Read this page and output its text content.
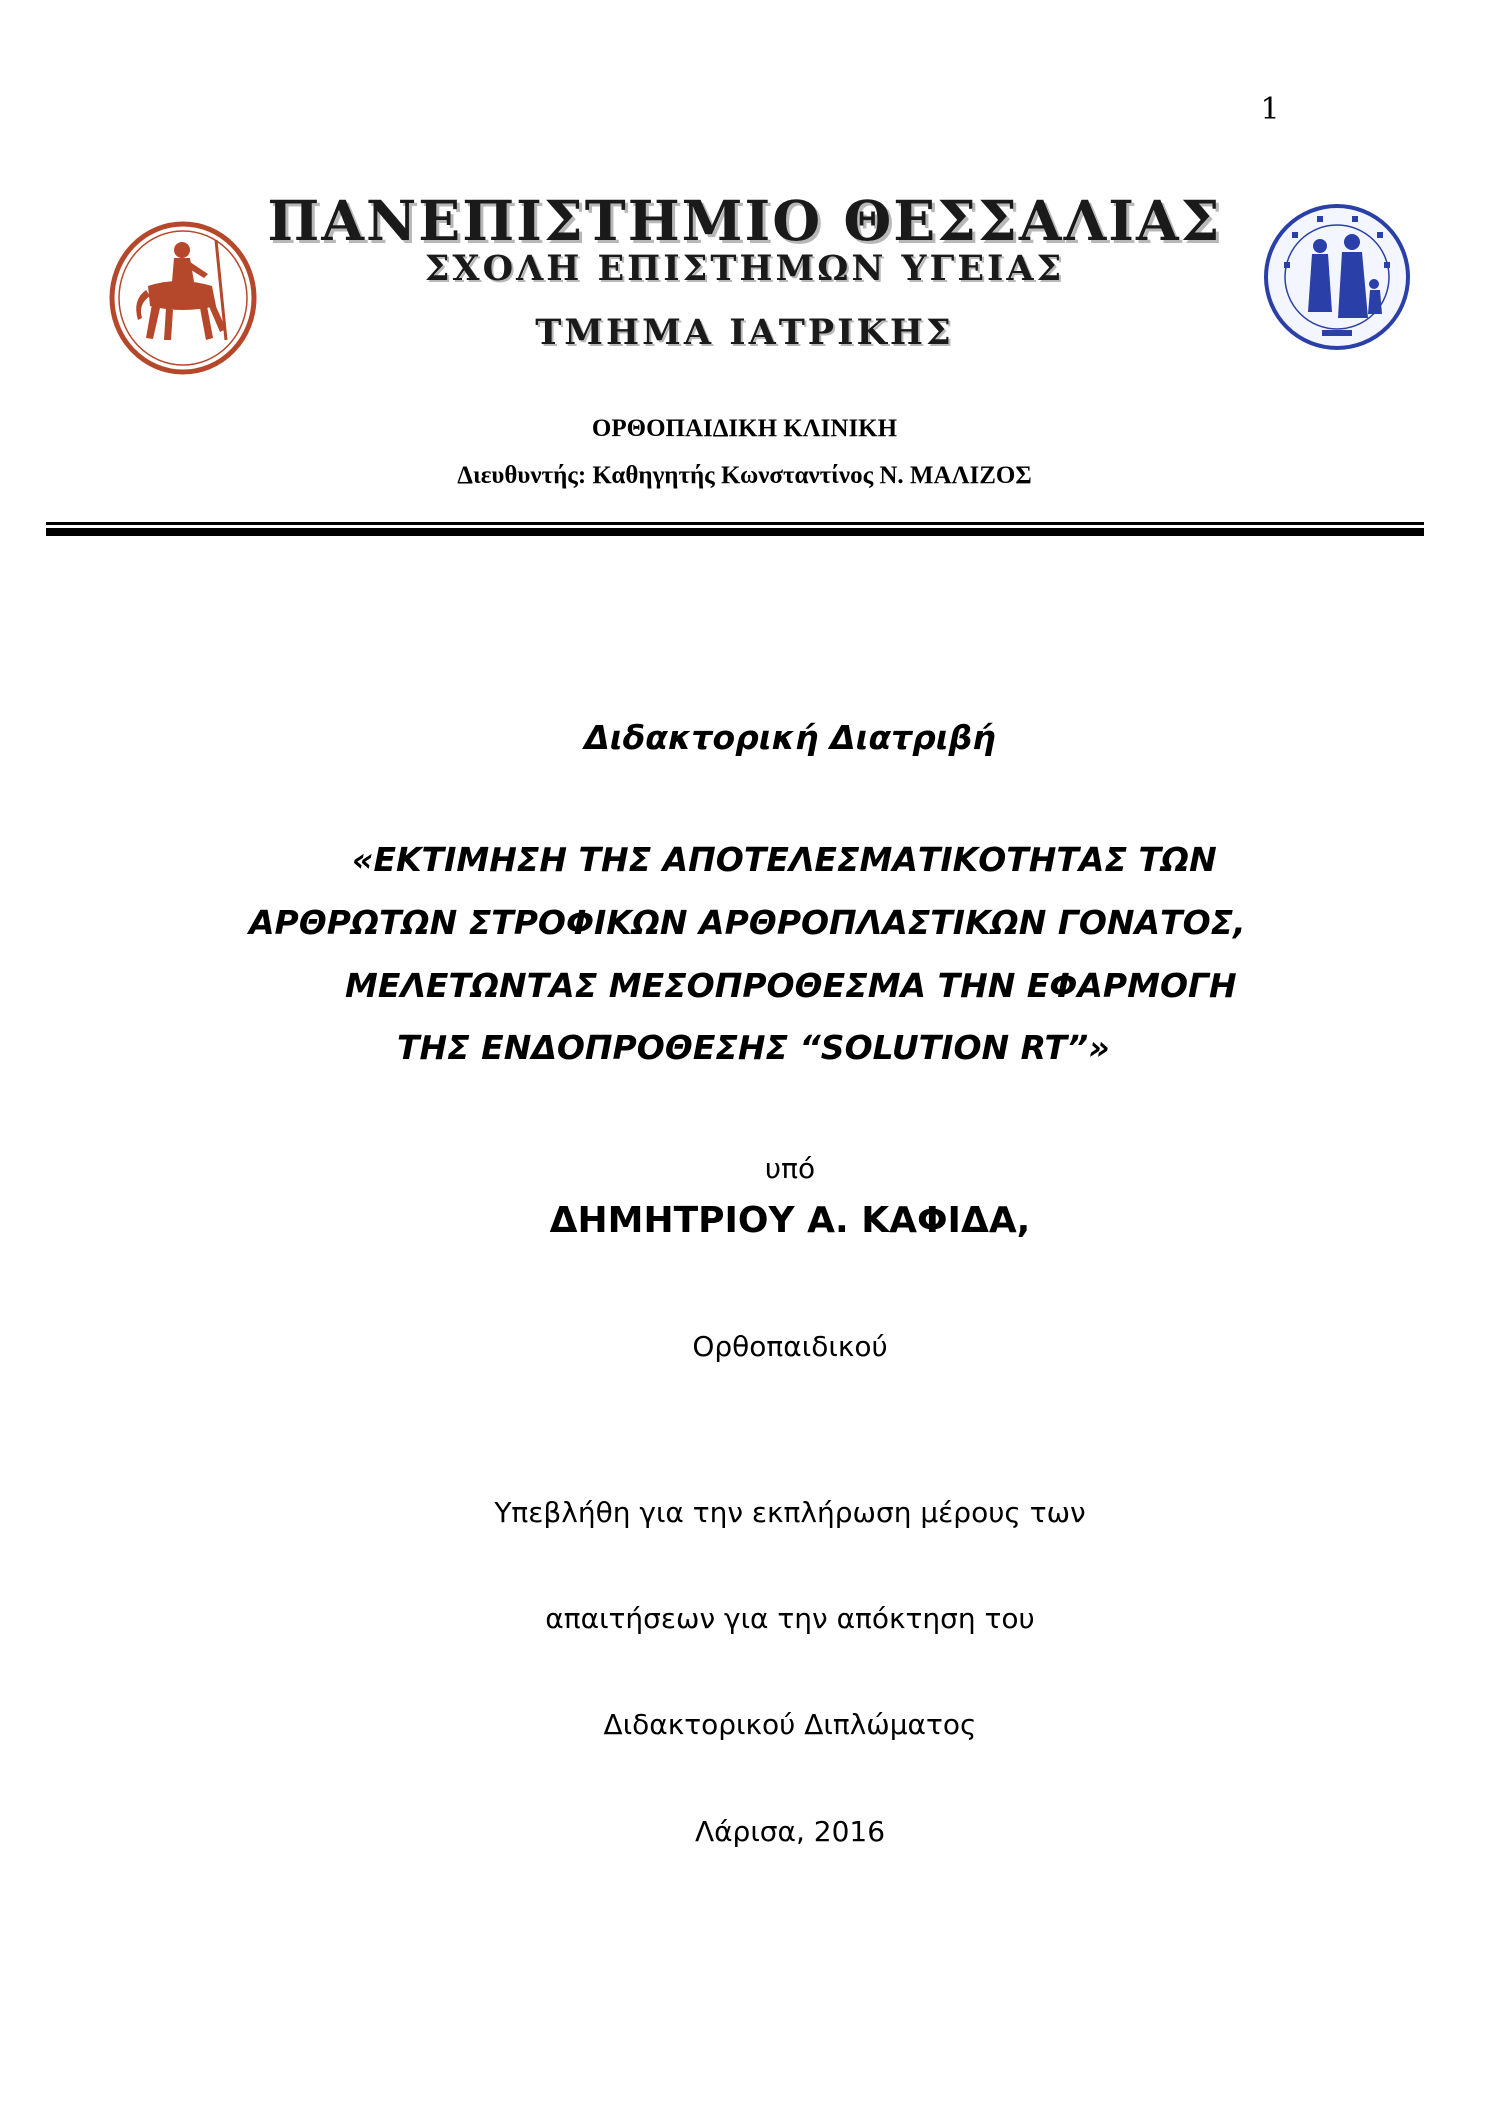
1
ΠΑΝΕΠΙΣΤΗΜΙΟ ΘΕΣΣΑΛΙΑΣ
ΣΧΟΛΗ ΕΠΙΣΤΗΜΩΝ ΥΓΕΙΑΣ
ΤΜΗΜΑ ΙΑΤΡΙΚΗΣ
ΟΡΘΟΠΑΙΔΙΚΗ ΚΛΙΝΙΚΗ
Διευθυντής: Καθηγητής Κωνσταντίνος Ν. ΜΑΛΙΖΟΣ
Διδακτορική Διατριβή
«ΕΚΤΙΜΗΣΗ ΤΗΣ ΑΠΟΤΕΛΕΣΜΑΤΙΚΟΤΗΤΑΣ ΤΩΝ
ΑΡΘΡΩΤΩΝ ΣΤΡΟΦΙΚΩΝ ΑΡΘΡΟΠΛΑΣΤΙΚΩΝ ΓΟΝΑΤΟΣ,
ΜΕΛΕΤΩΝΤΑΣ ΜΕΣΟΠΡΟΘΕΣΜΑ ΤΗΝ ΕΦΑΡΜΟΓΗ
ΤΗΣ ΕΝΔΟΠΡΟΘΕΣΗΣ “SOLUTION RT”»
υπό
ΔΗΜΗΤΡΙΟΥ Α. ΚΑΦΙΔΑ,
Ορθοπαιδικού
Υπεβλήθη για την εκπλήρωση μέρους των
απαιτήσεων για την απόκτηση του
Διδακτορικού Διπλώματος
Λάρισα, 2016
